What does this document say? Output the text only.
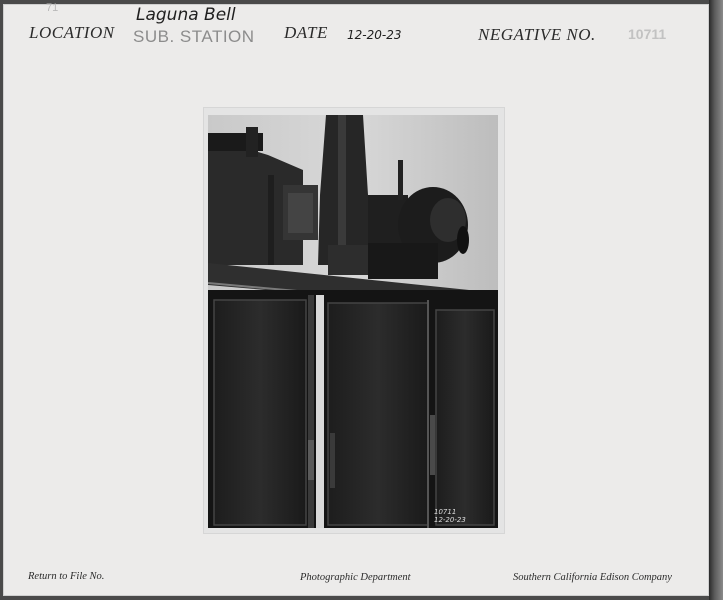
71
LOCATION
Laguna Bell
SUB. STATION DATE 12-20-23	NEGATIVE NO. 10711
10711
12-20-23
Return to File No.	Photographic Department	Southern California Edison Company
